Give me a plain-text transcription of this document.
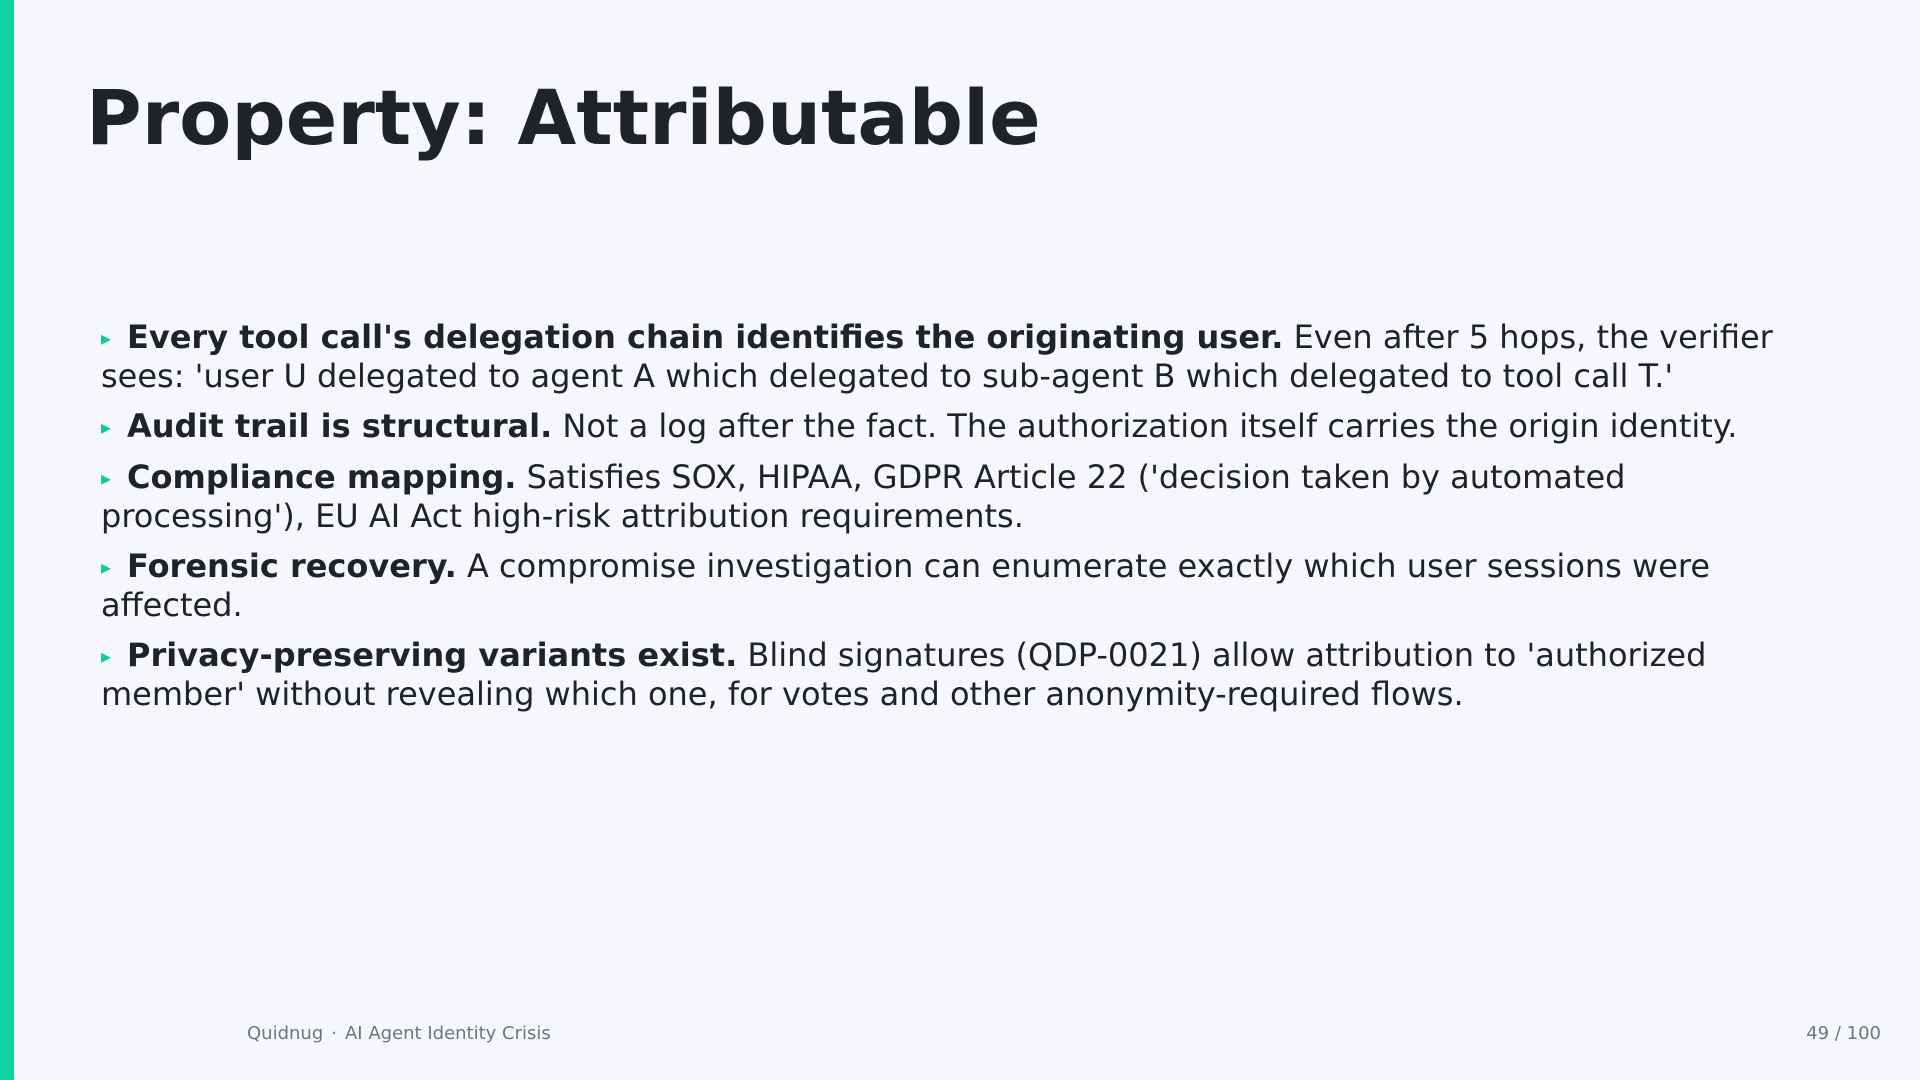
Property: Attributable
▸ Every tool call's delegation chain identifies the originating user. Even after 5 hops, the verifier sees: 'user U delegated to agent A which delegated to sub-agent B which delegated to tool call T.'
▸ Audit trail is structural. Not a log after the fact. The authorization itself carries the origin identity.
▸ Compliance mapping. Satisfies SOX, HIPAA, GDPR Article 22 ('decision taken by automated processing'), EU AI Act high-risk attribution requirements.
▸ Forensic recovery. A compromise investigation can enumerate exactly which user sessions were affected.
▸ Privacy-preserving variants exist. Blind signatures (QDP-0021) allow attribution to 'authorized member' without revealing which one, for votes and other anonymity-required flows.
Quidnug · AI Agent Identity Crisis	49 / 100
